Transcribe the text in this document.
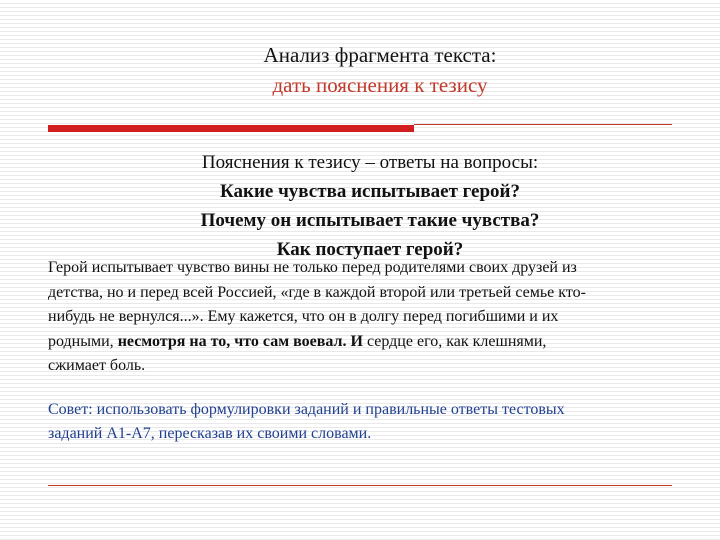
Анализ фрагмента текста:
дать пояснения к тезису
Пояснения к тезису – ответы на вопросы:
Какие чувства испытывает герой?
Почему он испытывает такие чувства?
Как поступает герой?
Герой испытывает чувство вины не только перед родителями своих друзей из детства, но и перед всей Россией, «где в каждой второй или третьей семье кто-нибудь не вернулся...». Ему кажется, что он в долгу перед погибшими и их родными, несмотря на то, что сам воевал. И сердце его, как клешнями, сжимает боль.
Совет: использовать формулировки заданий и правильные ответы тестовых заданий А1-А7, пересказав их своими словами.
